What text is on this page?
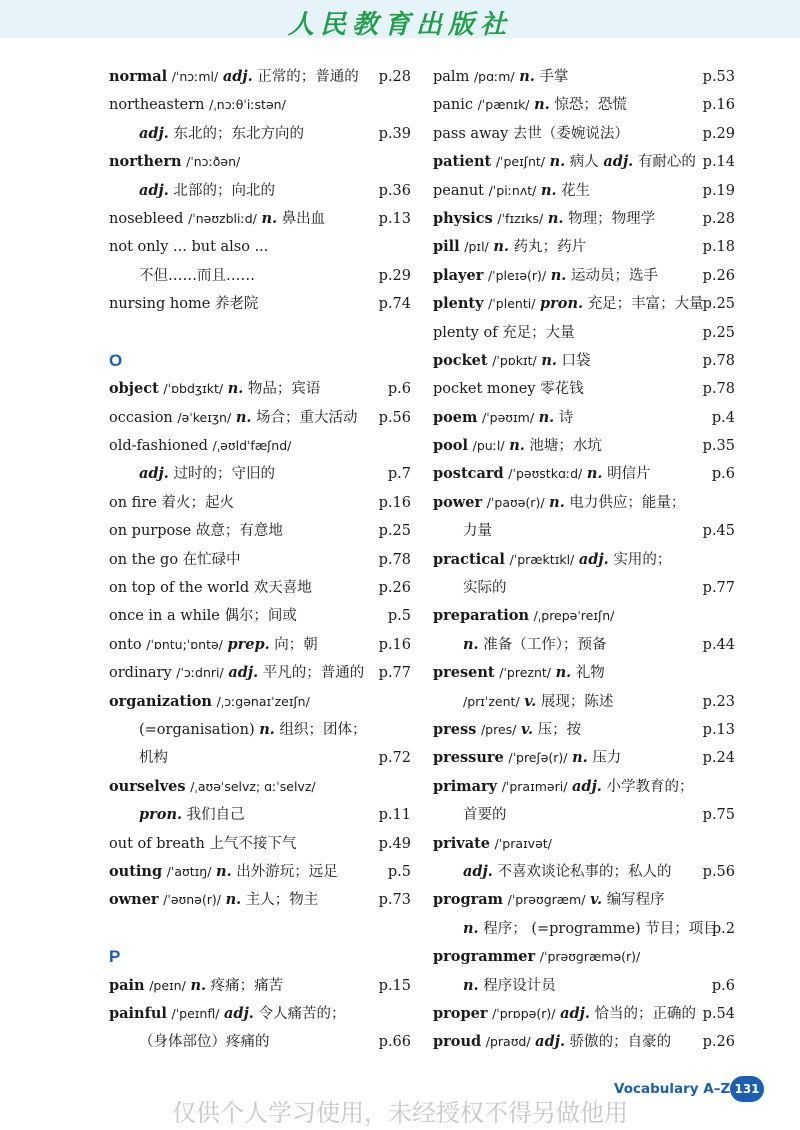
人民教育出版社
normal /ˈnɔːml/ adj. 正常的；普通的 p.28
northeastern /ˌnɔːθˈiːstən/
adj. 东北的；东北方向的	p.39
northern /ˈnɔːðən/
adj. 北部的；向北的	p.36
nosebleed /ˈnəʊzbliːd/ n. 鼻出血	p.13
not only ... but also ...
不但……而且……	p.29
nursing home 养老院	p.74
O
object /ˈɒbdʒɪkt/ n. 物品；宾语	p.6
occasion /əˈkeɪʒn/ n. 场合；重大活动 p.56
old-fashioned /ˌəʊldˈfæʃnd/
adj. 过时的；守旧的	p.7
on fire 着火；起火	p.16
on purpose 故意；有意地	p.25
on the go 在忙碌中	p.78
on top of the world 欢天喜地	p.26
once in a while 偶尔；间或	p.5
onto /ˈɒntu;ˈɒntə/ prep. 向；朝	p.16
ordinary /ˈɔːdnri/ adj. 平凡的；普通的 p.77
organization /ˌɔːgənaɪˈzeɪʃn/
(=organisation) n. 组织；团体；
机构	p.72
ourselves /ˌaʊəˈselvz; ɑːˈselvz/
pron. 我们自己	p.11
out of breath 上气不接下气	p.49
outing /ˈaʊtɪŋ/ n. 出外游玩；远足	p.5
owner /ˈəʊnə(r)/ n. 主人；物主	p.73
P
pain /peɪn/ n. 疼痛；痛苦	p.15
painful /ˈpeɪnfl/ adj. 令人痛苦的；
（身体部位）疼痛的	p.66
palm /pɑːm/ n. 手掌	p.53
panic /ˈpænɪk/ n. 惊恐；恐慌	p.16
pass away 去世（委婉说法）	p.29
patient /ˈpeɪʃnt/ n. 病人 adj. 有耐心的 p.14
peanut /ˈpiːnʌt/ n. 花生	p.19
physics /ˈfɪzɪks/ n. 物理；物理学	p.28
pill /pɪl/ n. 药丸；药片	p.18
player /ˈpleɪə(r)/ n. 运动员；选手	p.26
plenty /ˈplenti/ pron. 充足；丰富；大量
p.25
plenty of 充足；大量	p.25
pocket /ˈpɒkɪt/ n. 口袋	p.78
pocket money 零花钱	p.78
poem /ˈpəʊɪm/ n. 诗	p.4
pool /puːl/ n. 池塘；水坑	p.35
postcard /ˈpəʊstkɑːd/ n. 明信片	p.6
power /ˈpaʊə(r)/ n. 电力供应；能量；
力量	p.45
practical /ˈpræktɪkl/ adj. 实用的；
实际的	p.77
preparation /ˌprepəˈreɪʃn/
n. 准备（工作）；预备	p.44
present /ˈpreznt/ n. 礼物
/prɪˈzent/ v. 展现；陈述	p.23
press /pres/ v. 压；按	p.13
pressure /ˈpreʃə(r)/ n. 压力	p.24
primary /ˈpraɪməri/ adj. 小学教育的；
首要的	p.75
private /ˈpraɪvət/
adj. 不喜欢谈论私事的；私人的 p.56
program /ˈprəʊgræm/ v. 编写程序
n. 程序； (=programme) 节目；项目
p.2
programmer /ˈprəʊgræmə(r)/
n. 程序设计员	p.6
proper /ˈprɒpə(r)/ adj. 恰当的；正确的 p.54
proud /praʊd/ adj. 骄傲的；自豪的 p.26
Vocabulary A–Z 131
仅供个人学习使用，未经授权不得另做他用
